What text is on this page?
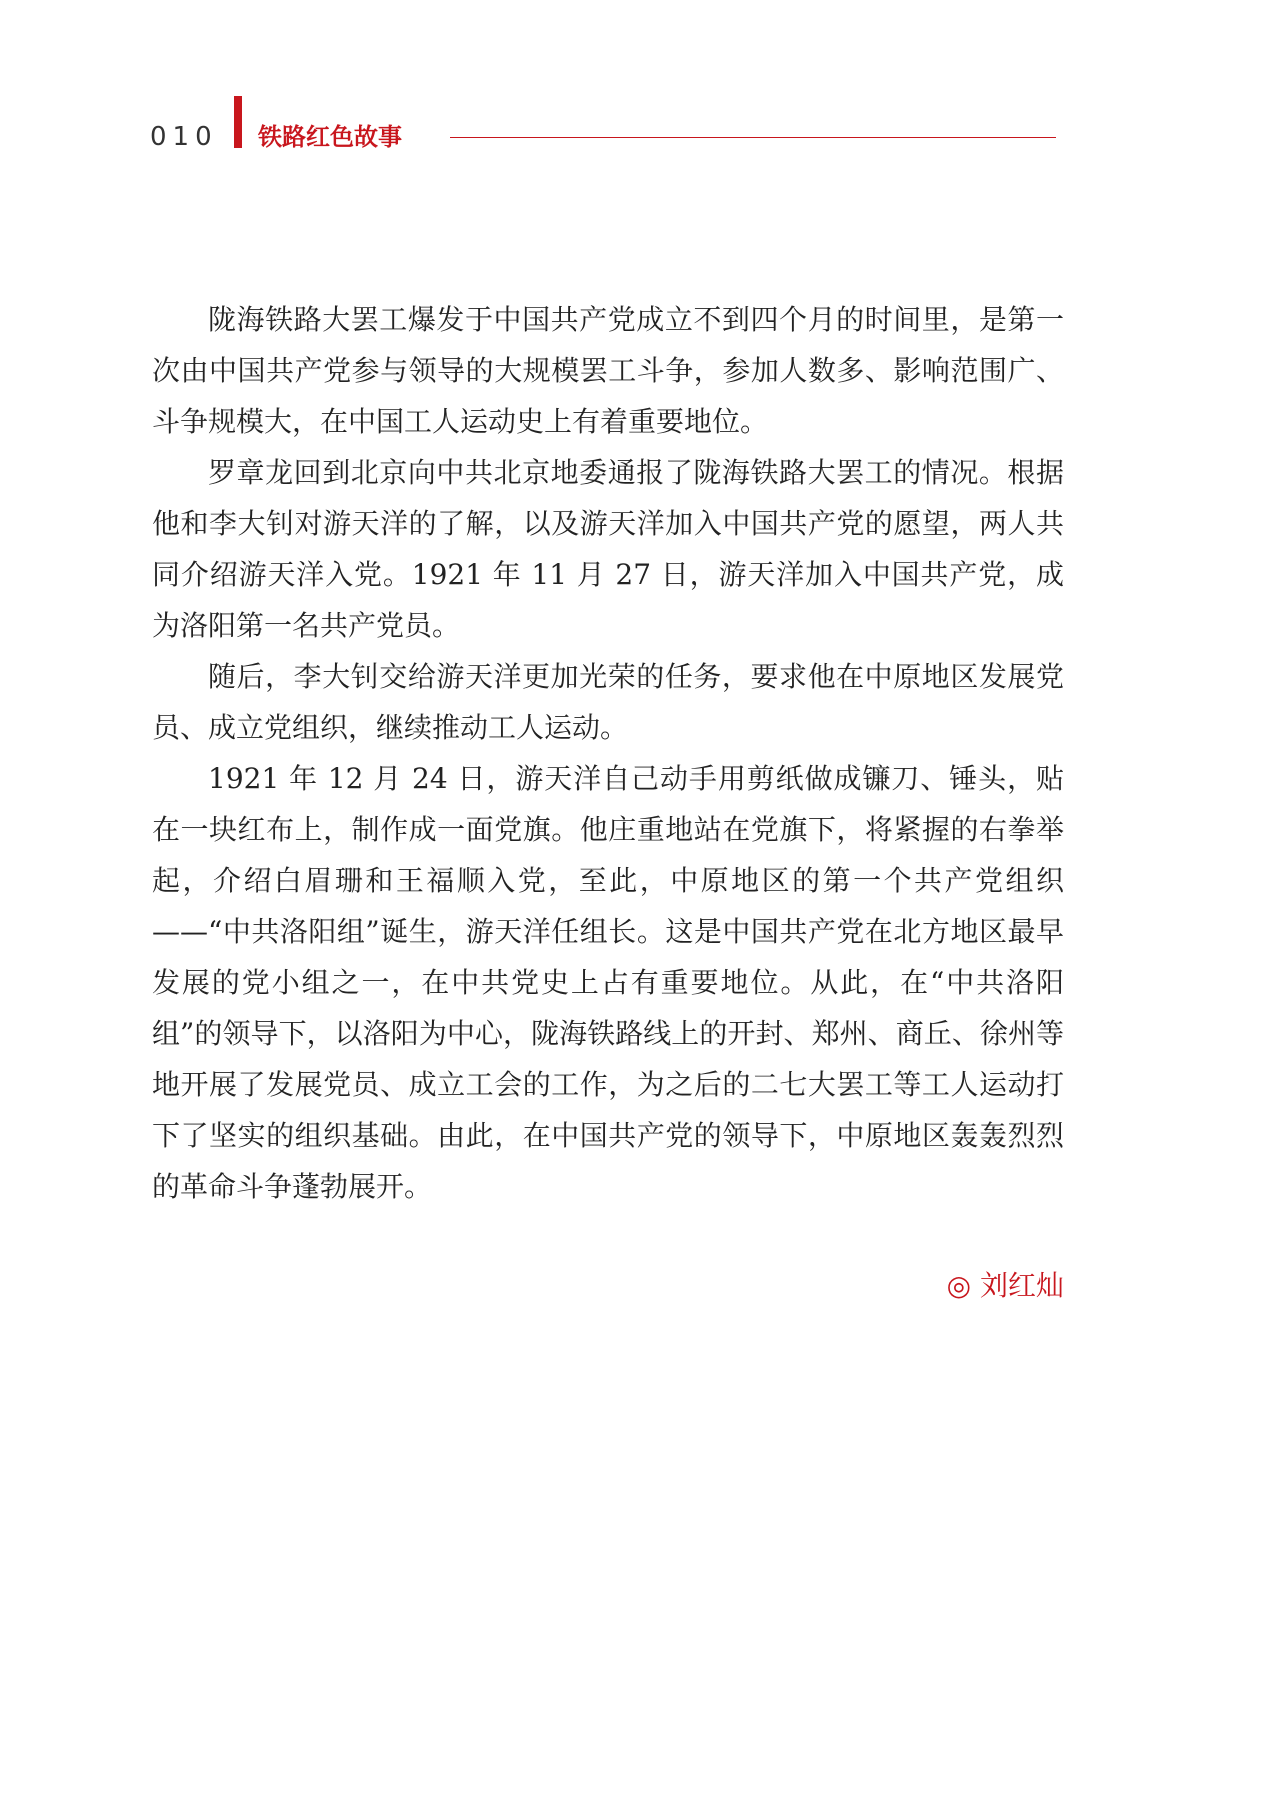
010 铁路红色故事

陇海铁路大罢工爆发于中国共产党成立不到四个月的时间里，是第一次由中国共产党参与领导的大规模罢工斗争，参加人数多、影响范围广、斗争规模大，在中国工人运动史上有着重要地位。

罗章龙回到北京向中共北京地委通报了陇海铁路大罢工的情况。根据他和李大钊对游天洋的了解，以及游天洋加入中国共产党的愿望，两人共同介绍游天洋入党。1921 年 11 月 27 日，游天洋加入中国共产党，成为洛阳第一名共产党员。

随后，李大钊交给游天洋更加光荣的任务，要求他在中原地区发展党员、成立党组织，继续推动工人运动。

1921 年 12 月 24 日，游天洋自己动手用剪纸做成镰刀、锤头，贴在一块红布上，制作成一面党旗。他庄重地站在党旗下，将紧握的右拳举起，介绍白眉珊和王福顺入党，至此，中原地区的第一个共产党组织——“中共洛阳组”诞生，游天洋任组长。这是中国共产党在北方地区最早发展的党小组之一，在中共党史上占有重要地位。从此，在“中共洛阳组”的领导下，以洛阳为中心，陇海铁路线上的开封、郑州、商丘、徐州等地开展了发展党员、成立工会的工作，为之后的二七大罢工等工人运动打下了坚实的组织基础。由此，在中国共产党的领导下，中原地区轰轰烈烈的革命斗争蓬勃展开。

◎ 刘红灿
